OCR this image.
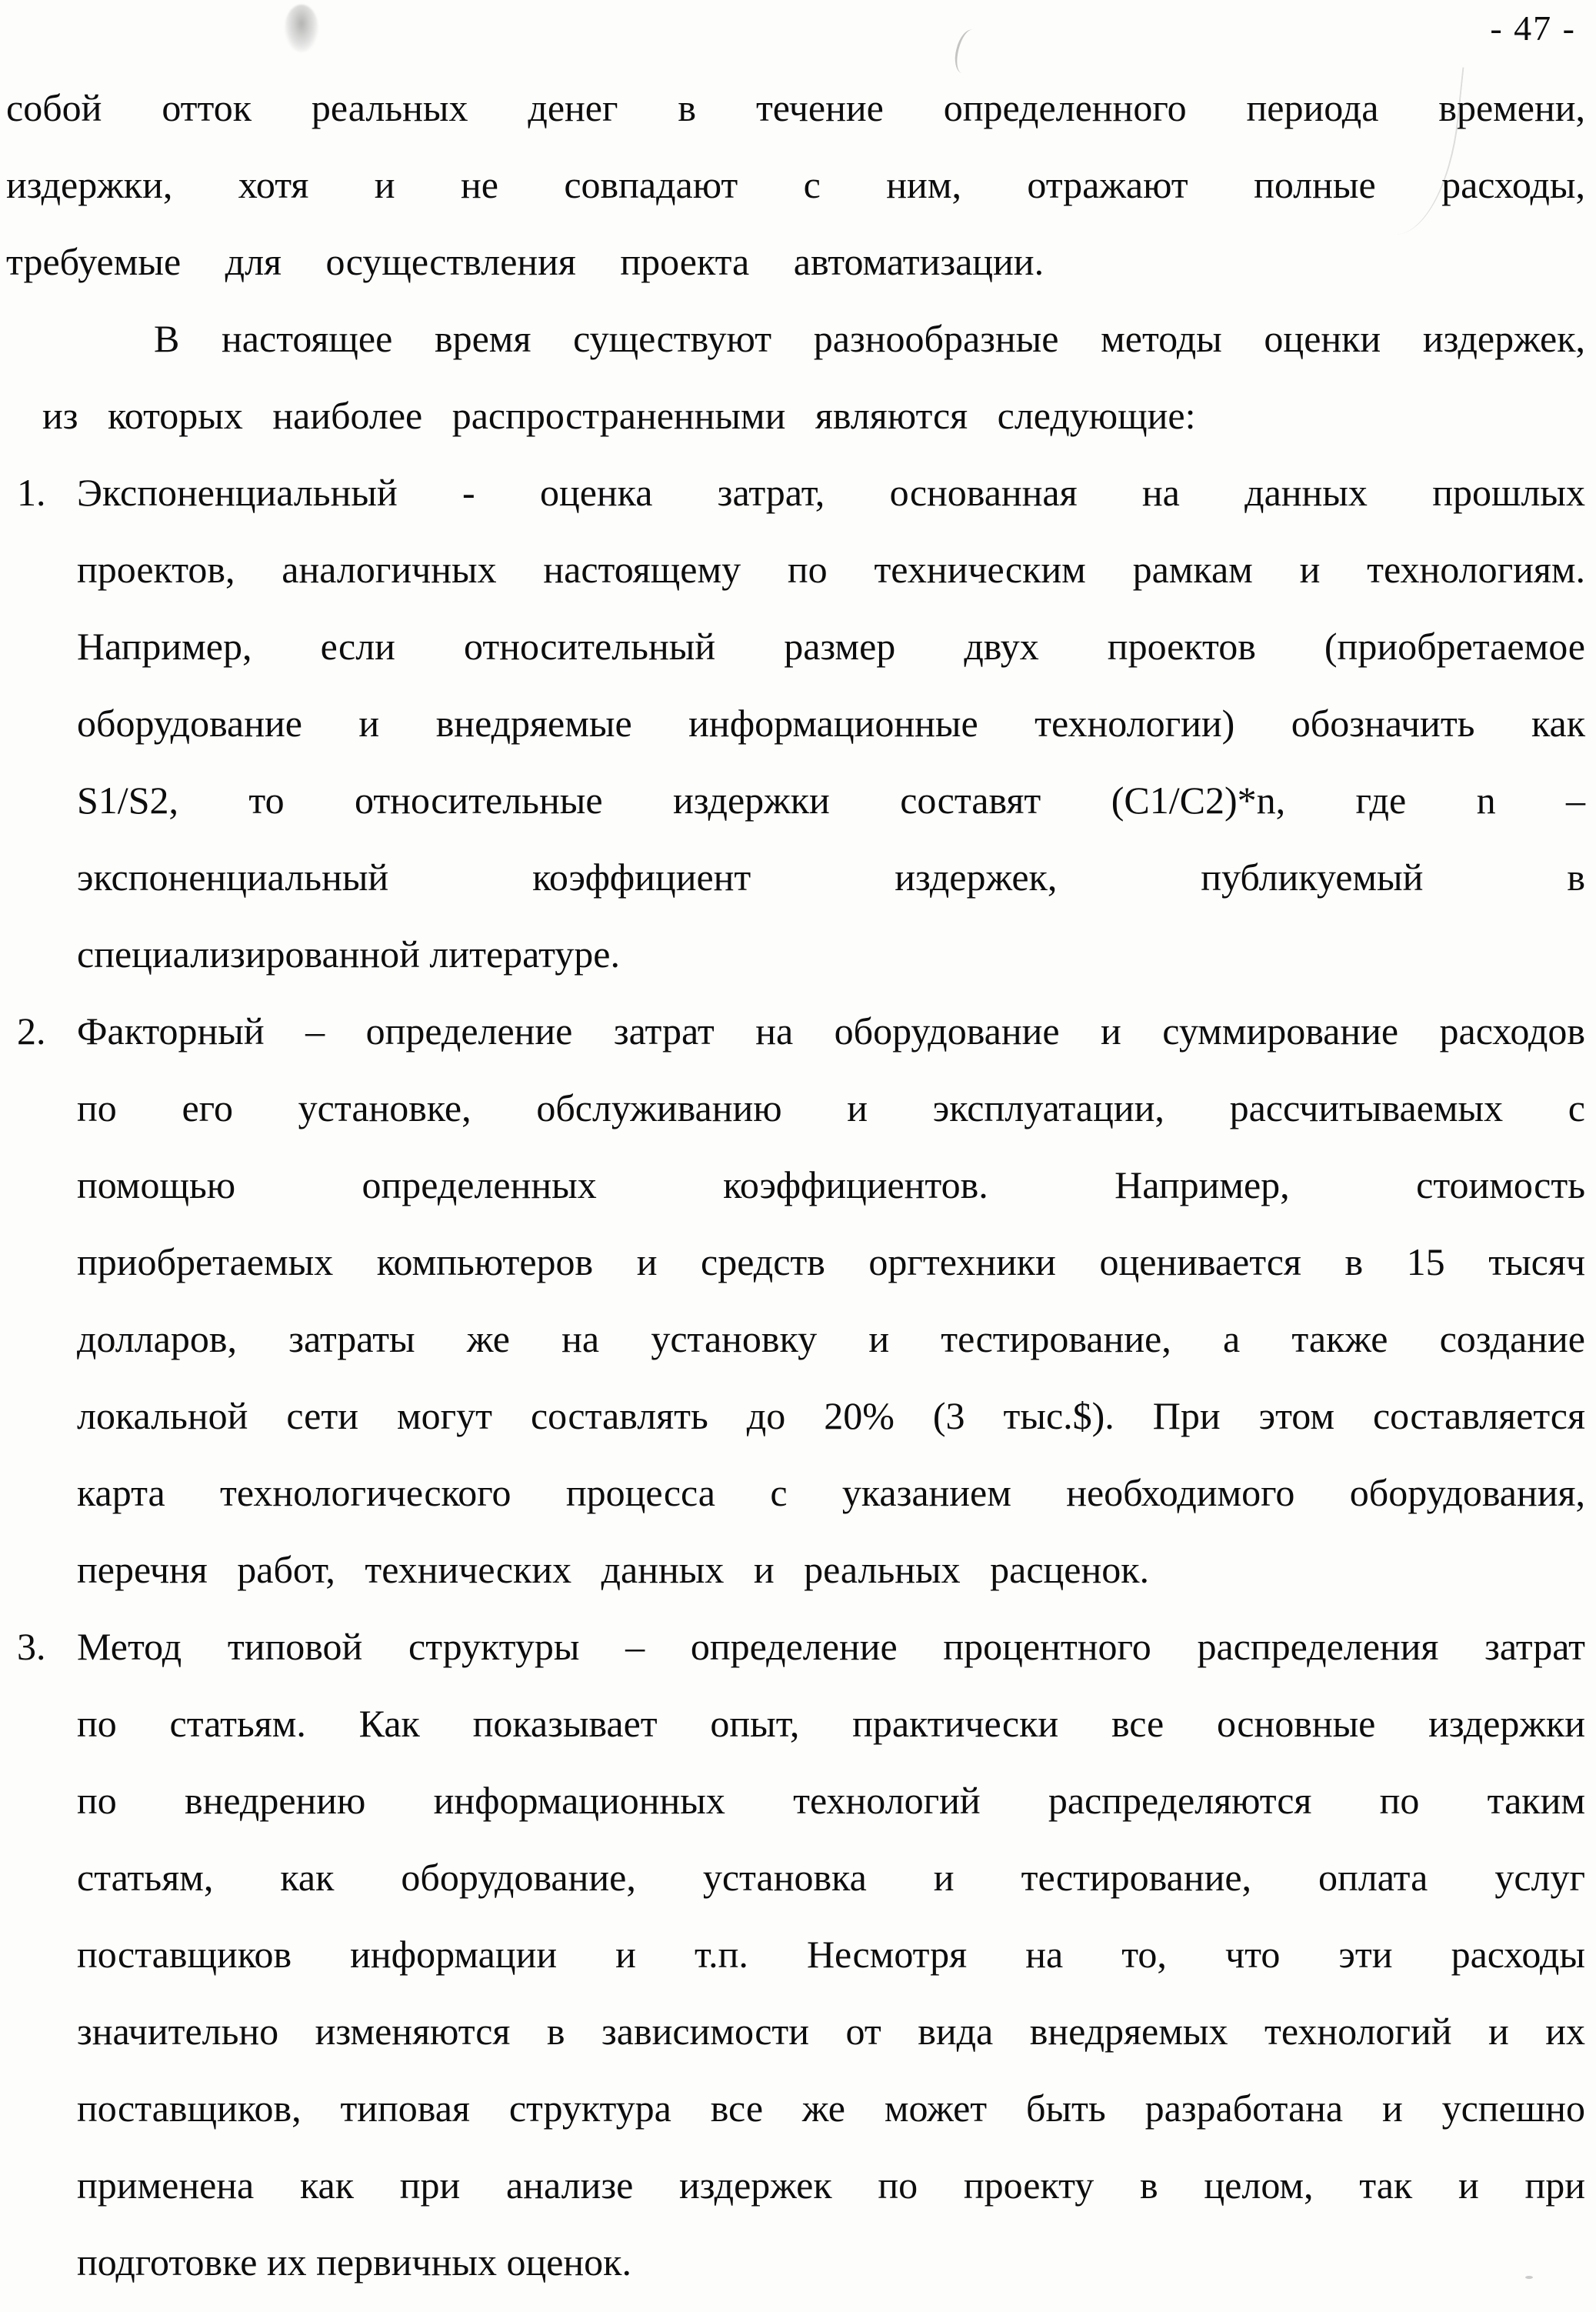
- 47 -
собой отток реальных денег в течение определенного периода времени,
издержки, хотя и не совпадают с ним, отражают полные расходы,
требуемые для осуществления проекта автоматизации.
В настоящее время существуют разнообразные методы оценки издержек,
из которых наиболее распространенными являются следующие:
1. Экспоненциальный - оценка затрат, основанная на данных прошлых
проектов, аналогичных настоящему по техническим рамкам и технологиям.
Например, если относительный размер двух проектов (приобретаемое
оборудование и внедряемые информационные технологии) обозначить как
S1/S2, то относительные издержки составят (C1/C2)*n, где n –
экспоненциальный коэффициент издержек, публикуемый в
специализированной литературе.
2. Факторный – определение затрат на оборудование и суммирование расходов
по его установке, обслуживанию и эксплуатации, рассчитываемых с
помощью определенных коэффициентов. Например, стоимость
приобретаемых компьютеров и средств оргтехники оценивается в 15 тысяч
долларов, затраты же на установку и тестирование, а также создание
локальной сети могут составлять до 20% (3 тыс.$). При этом составляется
карта технологического процесса с указанием необходимого оборудования,
перечня работ, технических данных и реальных расценок.
3. Метод типовой структуры – определение процентного распределения затрат
по статьям. Как показывает опыт, практически все основные издержки
по внедрению информационных технологий распределяются по таким
статьям, как оборудование, установка и тестирование, оплата услуг
поставщиков информации и т.п. Несмотря на то, что эти расходы
значительно изменяются в зависимости от вида внедряемых технологий и их
поставщиков, типовая структура все же может быть разработана и успешно
применена как при анализе издержек по проекту в целом, так и при
подготовке их первичных оценок.
